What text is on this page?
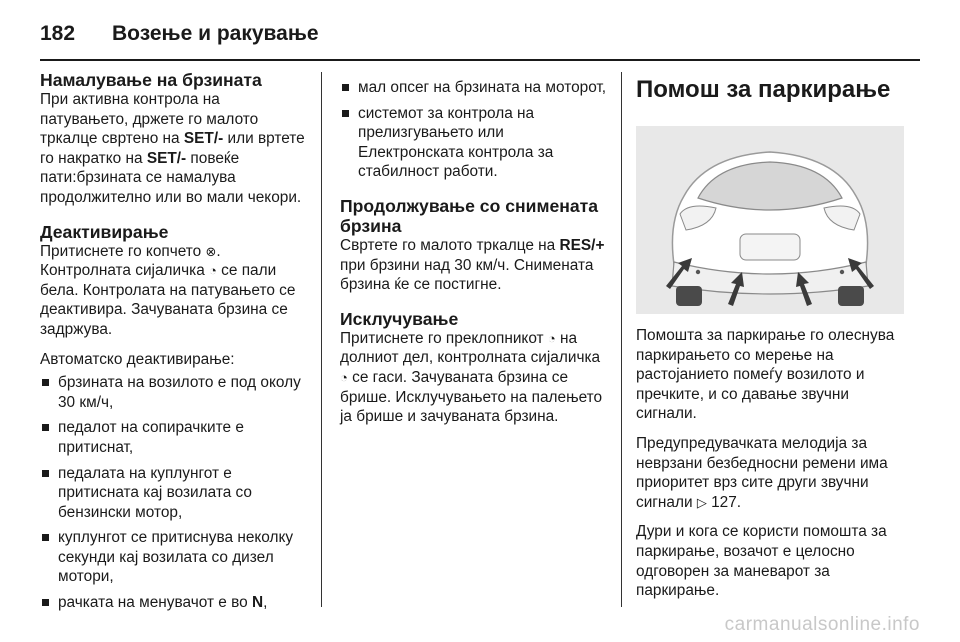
182	Возење и ракување
Намалување на брзината

При активна контрола на патувањето, држете го малото тркалце свртено на SET/- или вртете го накратко на SET/- повеќе пати:брзината се намалува продолжително или во мали чекори.

Деактивирање

Притиснете го копчето ⊗. Контролната сијаличка ◔ се пали бела. Контролата на патувањето се деактивира. Зачуваната брзина се задржува.

Автоматско деактивирање:

брзината на возилото е под околу 30 км/ч,
педалот на сопирачките е притиснат,
педалата на куплунгот е притисната кај возилата со бензински мотор,
куплунгот се притиснува неколку секунди кај возилата со дизел мотори,
рачката на менувачот е во N,
мал опсег на брзината на моторот,
системот за контрола на прелизгувањето или Електронската контрола за стабилност работи.
Продолжување со снимената брзина

Свртете го малото тркалце на RES/+ при брзини над 30 км/ч. Снимената брзина ќе се постигне.

Исклучување

Притиснете го преклопникот ◔ на долниот дел, контролната сијаличка ◔ се гаси. Зачуваната брзина се брише. Исклучувањето на палењето ја брише и зачуваната брзина.

Помош за паркирање

Помошта за паркирање го олеснува паркирањето со мерење на растојанието помеѓу возилото и пречките, и со давање звучни сигнали.

Предупредувачката мелодија за неврзани безбедносни ремени има приоритет врз сите други звучни сигнали ▷ 127.

Дури и кога се користи помошта за паркирање, возачот е целосно одговорен за маневарот за паркирање.

carmanualsonline.info
